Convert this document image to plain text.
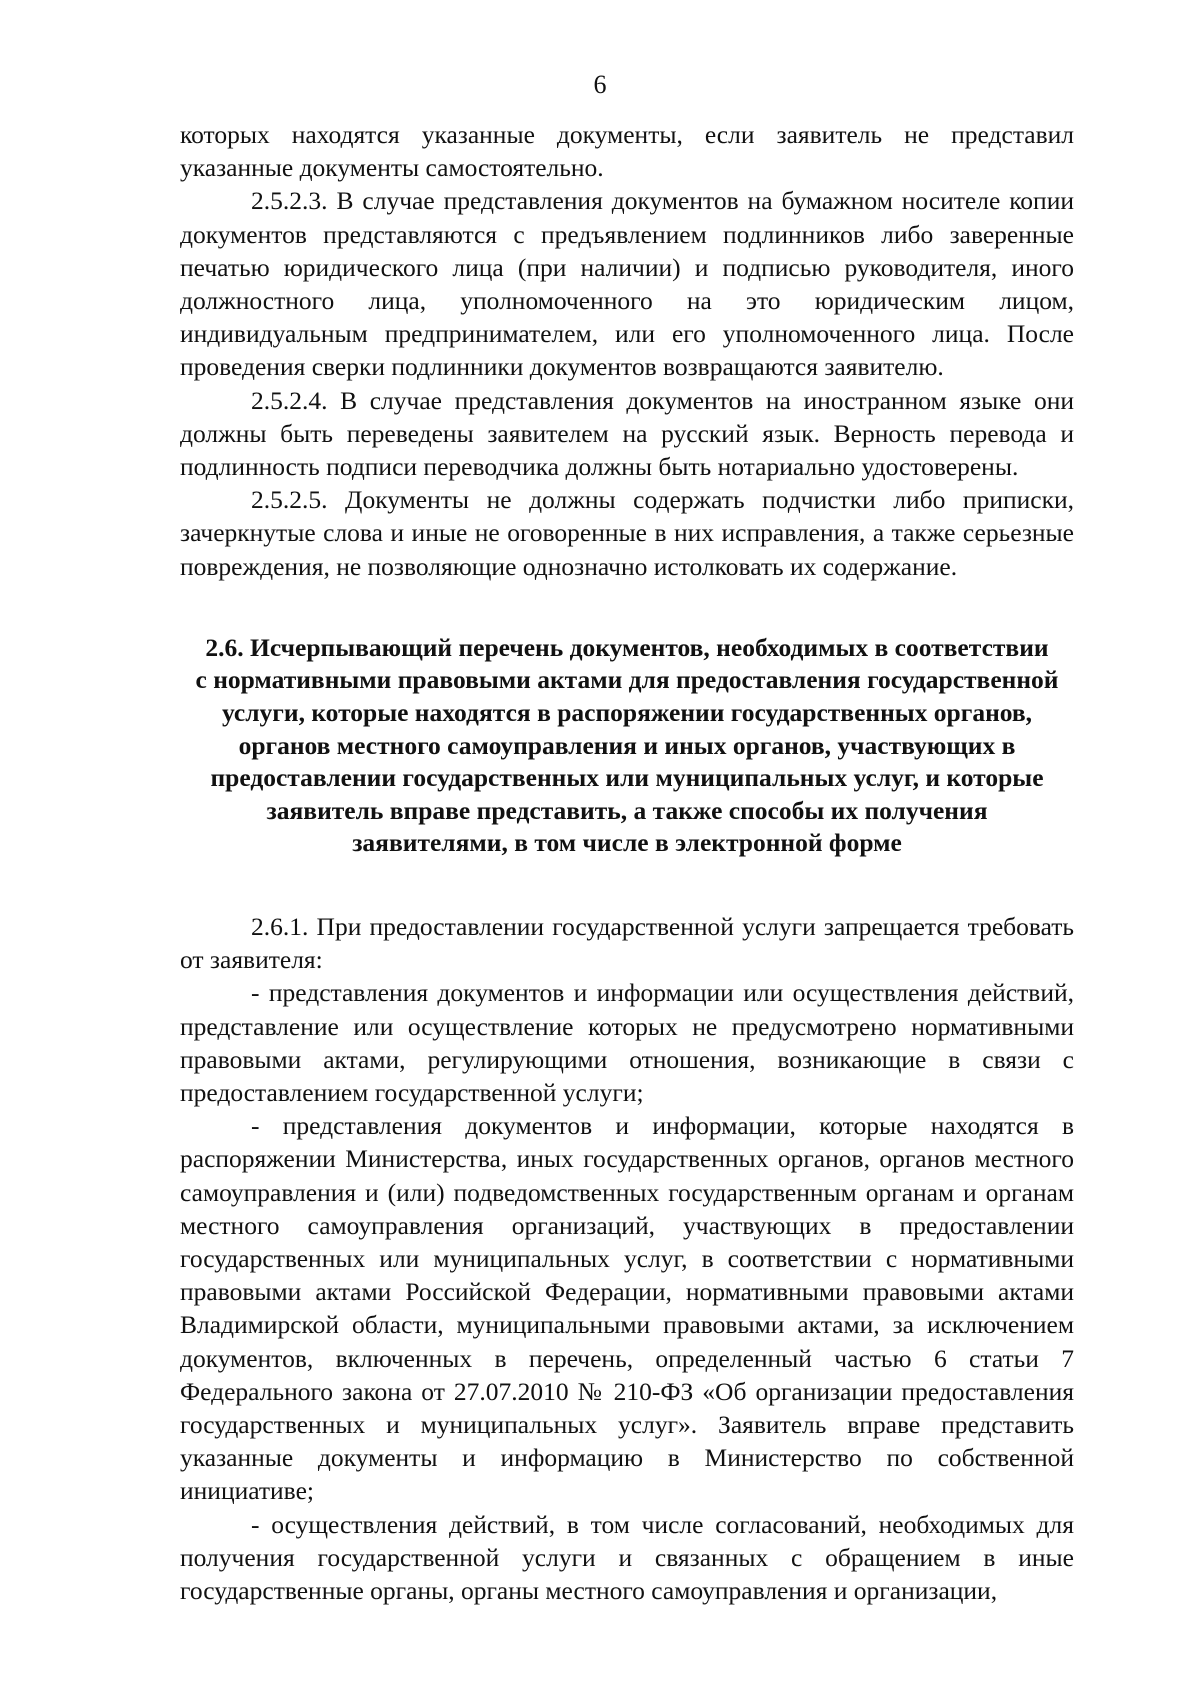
6

которых находятся указанные документы, если заявитель не представил указанные документы самостоятельно.

2.5.2.3. В случае представления документов на бумажном носителе копии документов представляются с предъявлением подлинников либо заверенные печатью юридического лица (при наличии) и подписью руководителя, иного должностного лица, уполномоченного на это юридическим лицом, индивидуальным предпринимателем, или его уполномоченного лица. После проведения сверки подлинники документов возвращаются заявителю.

2.5.2.4. В случае представления документов на иностранном языке они должны быть переведены заявителем на русский язык. Верность перевода и подлинность подписи переводчика должны быть нотариально удостоверены.

2.5.2.5. Документы не должны содержать подчистки либо приписки, зачеркнутые слова и иные не оговоренные в них исправления, а также серьезные повреждения, не позволяющие однозначно истолковать их содержание.

2.6. Исчерпывающий перечень документов, необходимых в соответствии
с нормативными правовыми актами для предоставления государственной
услуги, которые находятся в распоряжении государственных органов,
органов местного самоуправления и иных органов, участвующих в
предоставлении государственных или муниципальных услуг, и которые
заявитель вправе представить, а также способы их получения
заявителями, в том числе в электронной форме

2.6.1. При предоставлении государственной услуги запрещается требовать от заявителя:

- представления документов и информации или осуществления действий, представление или осуществление которых не предусмотрено нормативными правовыми актами, регулирующими отношения, возникающие в связи с предоставлением государственной услуги;

- представления документов и информации, которые находятся в распоряжении Министерства, иных государственных органов, органов местного самоуправления и (или) подведомственных государственным органам и органам местного самоуправления организаций, участвующих в предоставлении государственных или муниципальных услуг, в соответствии с нормативными правовыми актами Российской Федерации, нормативными правовыми актами Владимирской области, муниципальными правовыми актами, за исключением документов, включенных в перечень, определенный частью 6 статьи 7 Федерального закона от 27.07.2010 № 210-ФЗ «Об организации предоставления государственных и муниципальных услуг». Заявитель вправе представить указанные документы и информацию в Министерство по собственной инициативе;

- осуществления действий, в том числе согласований, необходимых для получения государственной услуги и связанных с обращением в иные государственные органы, органы местного самоуправления и организации,
